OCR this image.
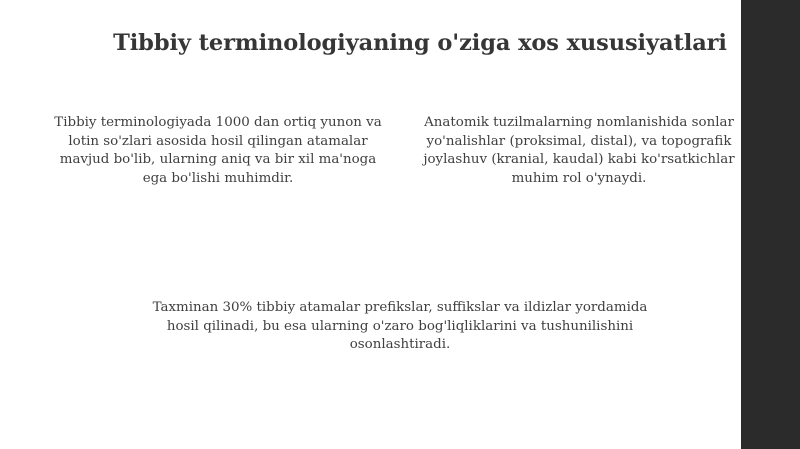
Tibbiy terminologiyaning o'ziga xos xususiyatlari

Tibbiy terminologiyada 1000 dan ortiq yunon va lotin so'zlari asosida hosil qilingan atamalar mavjud bo'lib, ularning aniq va bir xil ma'noga ega bo'lishi muhimdir.

Anatomik tuzilmalarning nomlanishida sonlar yo'nalishlar (proksimal, distal), va topografik joylashuv (kranial, kaudal) kabi ko'rsatkichlar muhim rol o'ynaydi.

Taxminan 30% tibbiy atamalar prefikslar, suffikslar va ildizlar yordamida hosil qilinadi, bu esa ularning o'zaro bog'liqliklarini va tushunilishini osonlashtiradi.
